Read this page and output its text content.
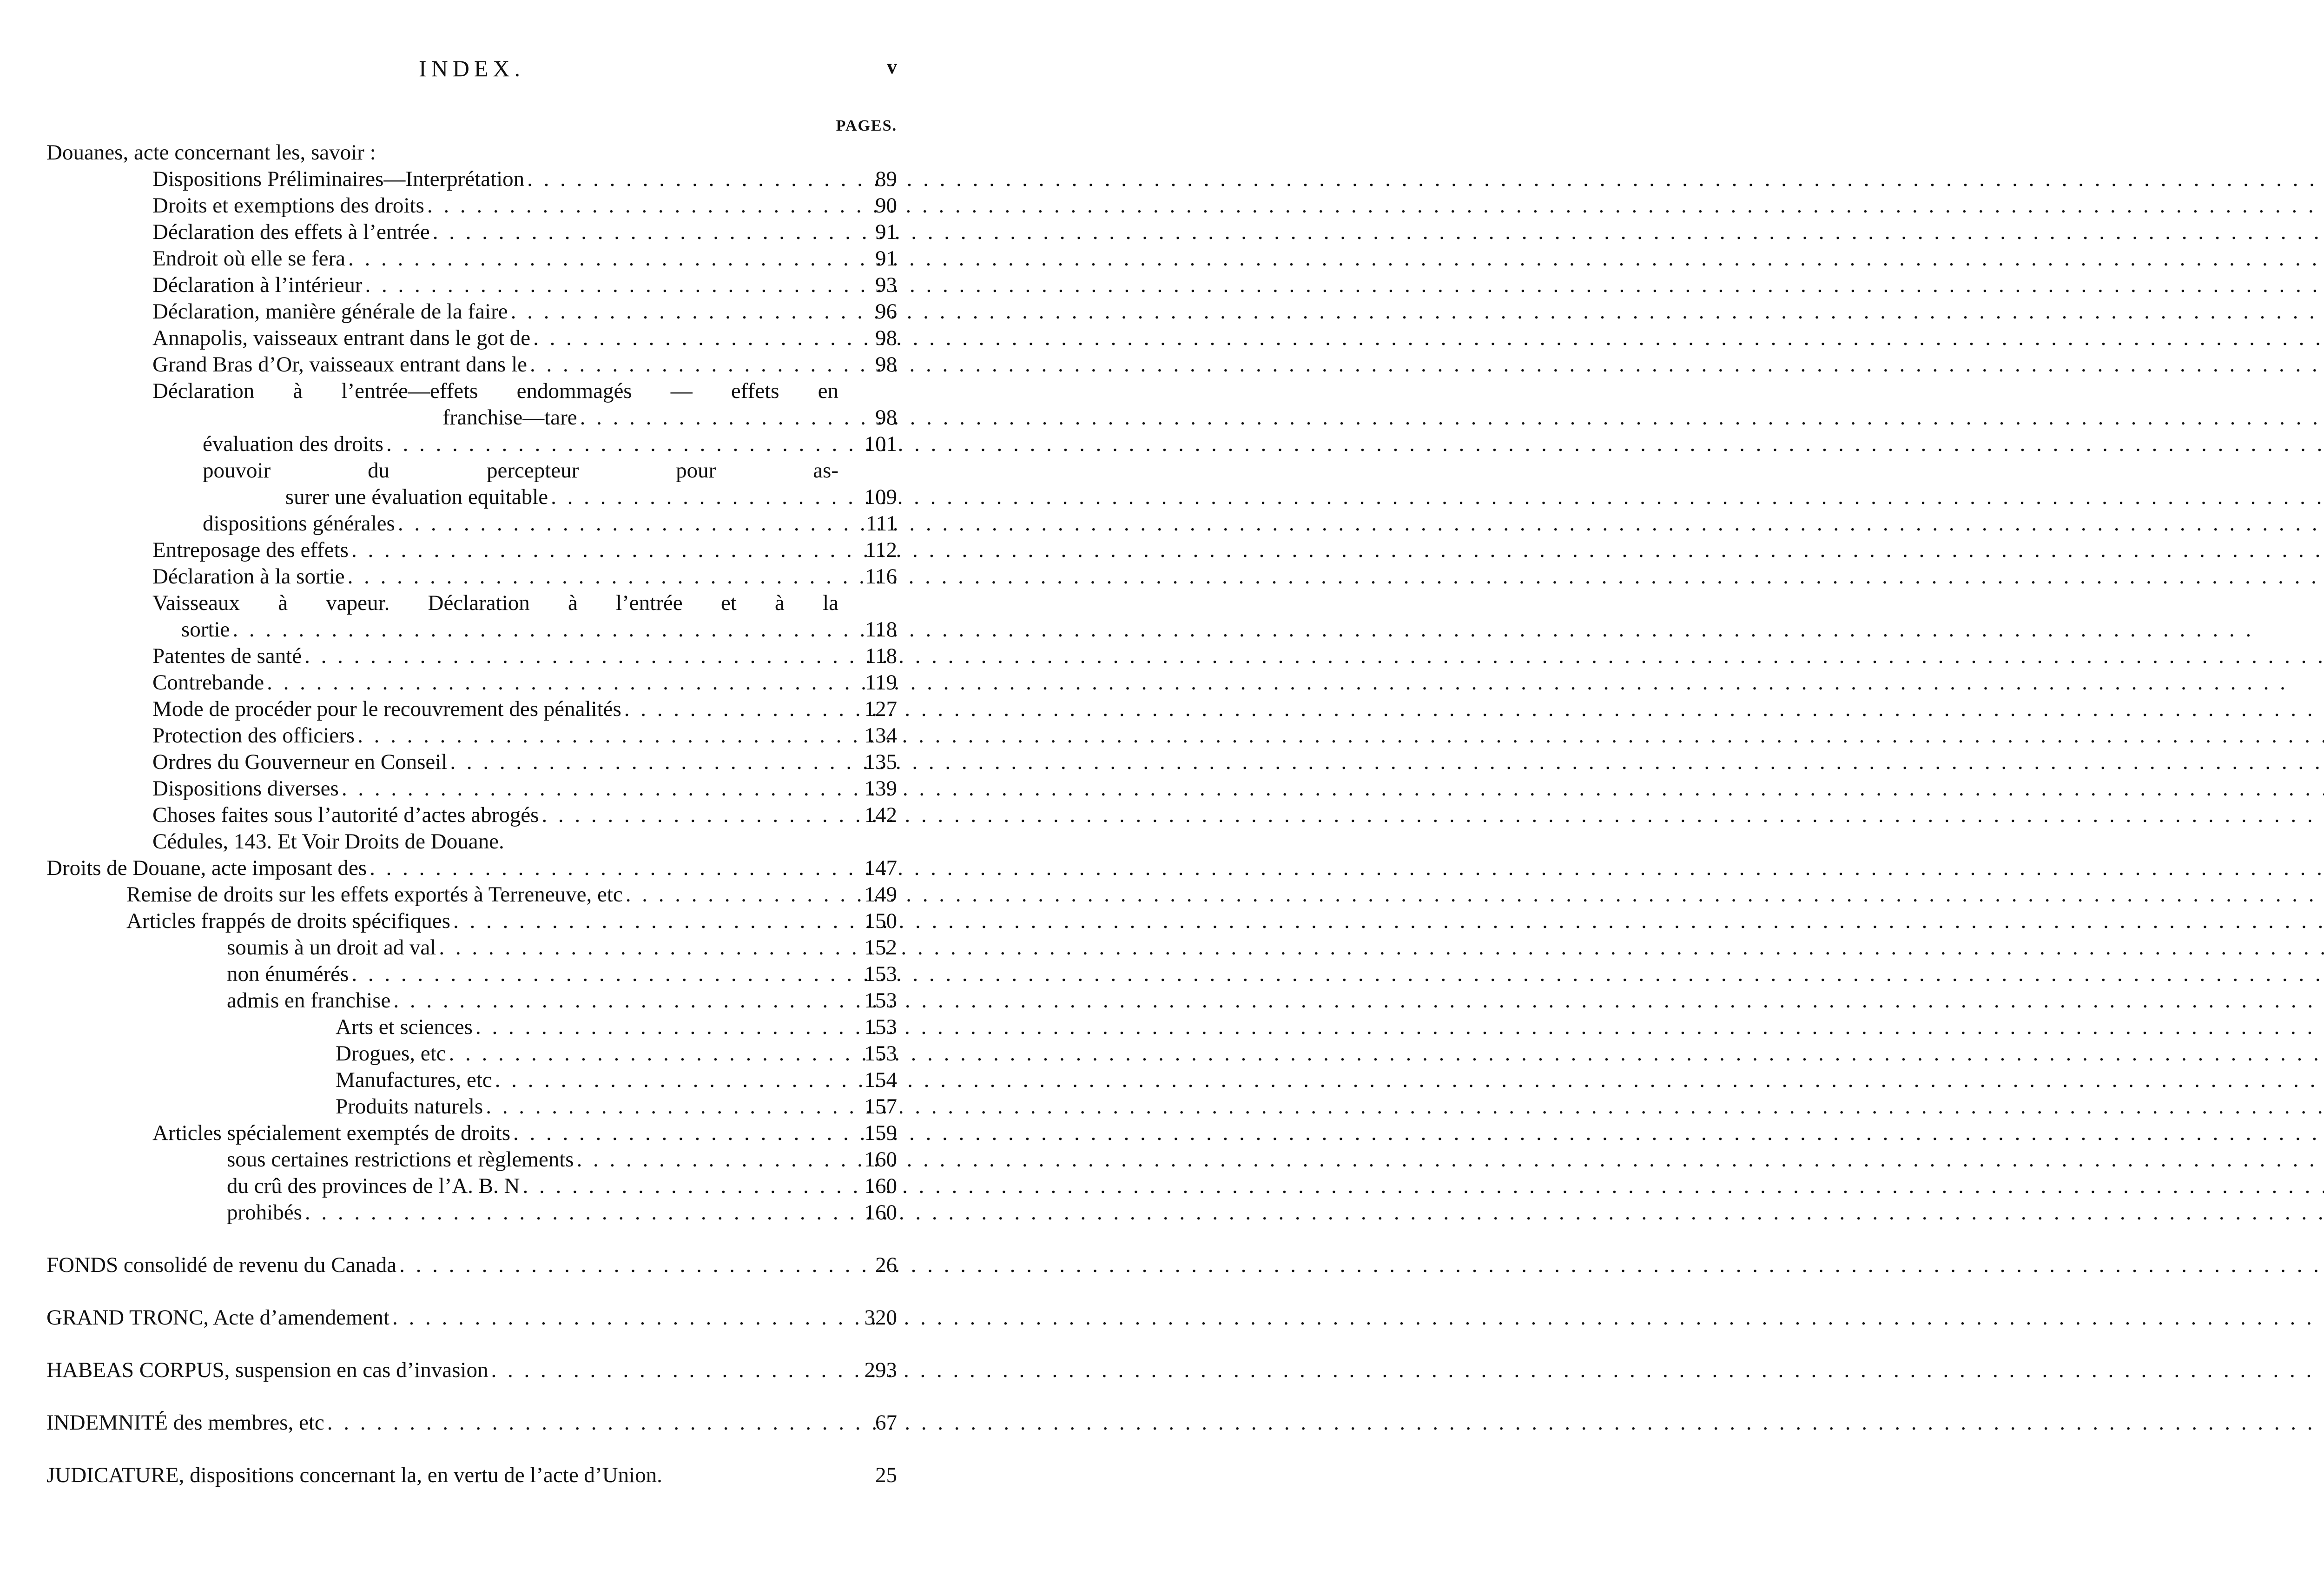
INDEX.	v
PAGES.
Douanes, acte concernant les, savoir :
Dispositions Préliminaires—Interprétation . . .	89
Droits et exemptions des droits . . .	90
Déclaration des effets à l’entrée . . .	91
Endroit où elle se fera . . .	91
Déclaration à l’intérieur . . .	93
Déclaration, manière générale de la faire . . .	96
Annapolis, vaisseaux entrant dans le got de . . .	98
Grand Bras d’Or, vaisseaux entrant dans le . . .	98
Déclaration à l’entrée—effets endommagés — effets en
franchise—tare . . .	98
évaluation des droits . . .	101
pouvoir du percepteur pour as-
surer une évaluation equitable . . .	109
dispositions générales . . .	111
Entreposage des effets . . .	112
Déclaration à la sortie . . .	116
Vaisseaux à vapeur. Déclaration à l’entrée et à la
sortie . . .	118
Patentes de santé . . .	118
Contrebande . . .	119
Mode de procéder pour le recouvrement des pénalités . . .	127
Protection des officiers . . .	134
Ordres du Gouverneur en Conseil . . .	135
Dispositions diverses . . .	139
Choses faites sous l’autorité d’actes abrogés . . .	142
Cédules, 143. Et Voir Droits de Douane.
Droits de Douane, acte imposant des . . .	147
Remise de droits sur les effets exportés à Terreneuve, etc . . .	149
Articles frappés de droits spécifiques . . .	150
soumis à un droit ad val . . .	152
non énumérés . . .	153
admis en franchise . . .	153
Arts et sciences . . .	153
Drogues, etc . . .	153
Manufactures, etc . . .	154
Produits naturels . . .	157
Articles spécialement exemptés de droits . . .	159
sous certaines restrictions et règlements . . .	160
du crû des provinces de l’A. B. N . . .	160
prohibés . . .	160
FONDS consolidé de revenu du Canada . . .	26
GRAND TRONC, Acte d’amendement . . .	320
HABEAS CORPUS, suspension en cas d’invasion . . .	293
INDEMNITÉ des membres, etc . . .	67
JUDICATURE, dispositions concernant la, en vertu de l’acte d’Union.	25
